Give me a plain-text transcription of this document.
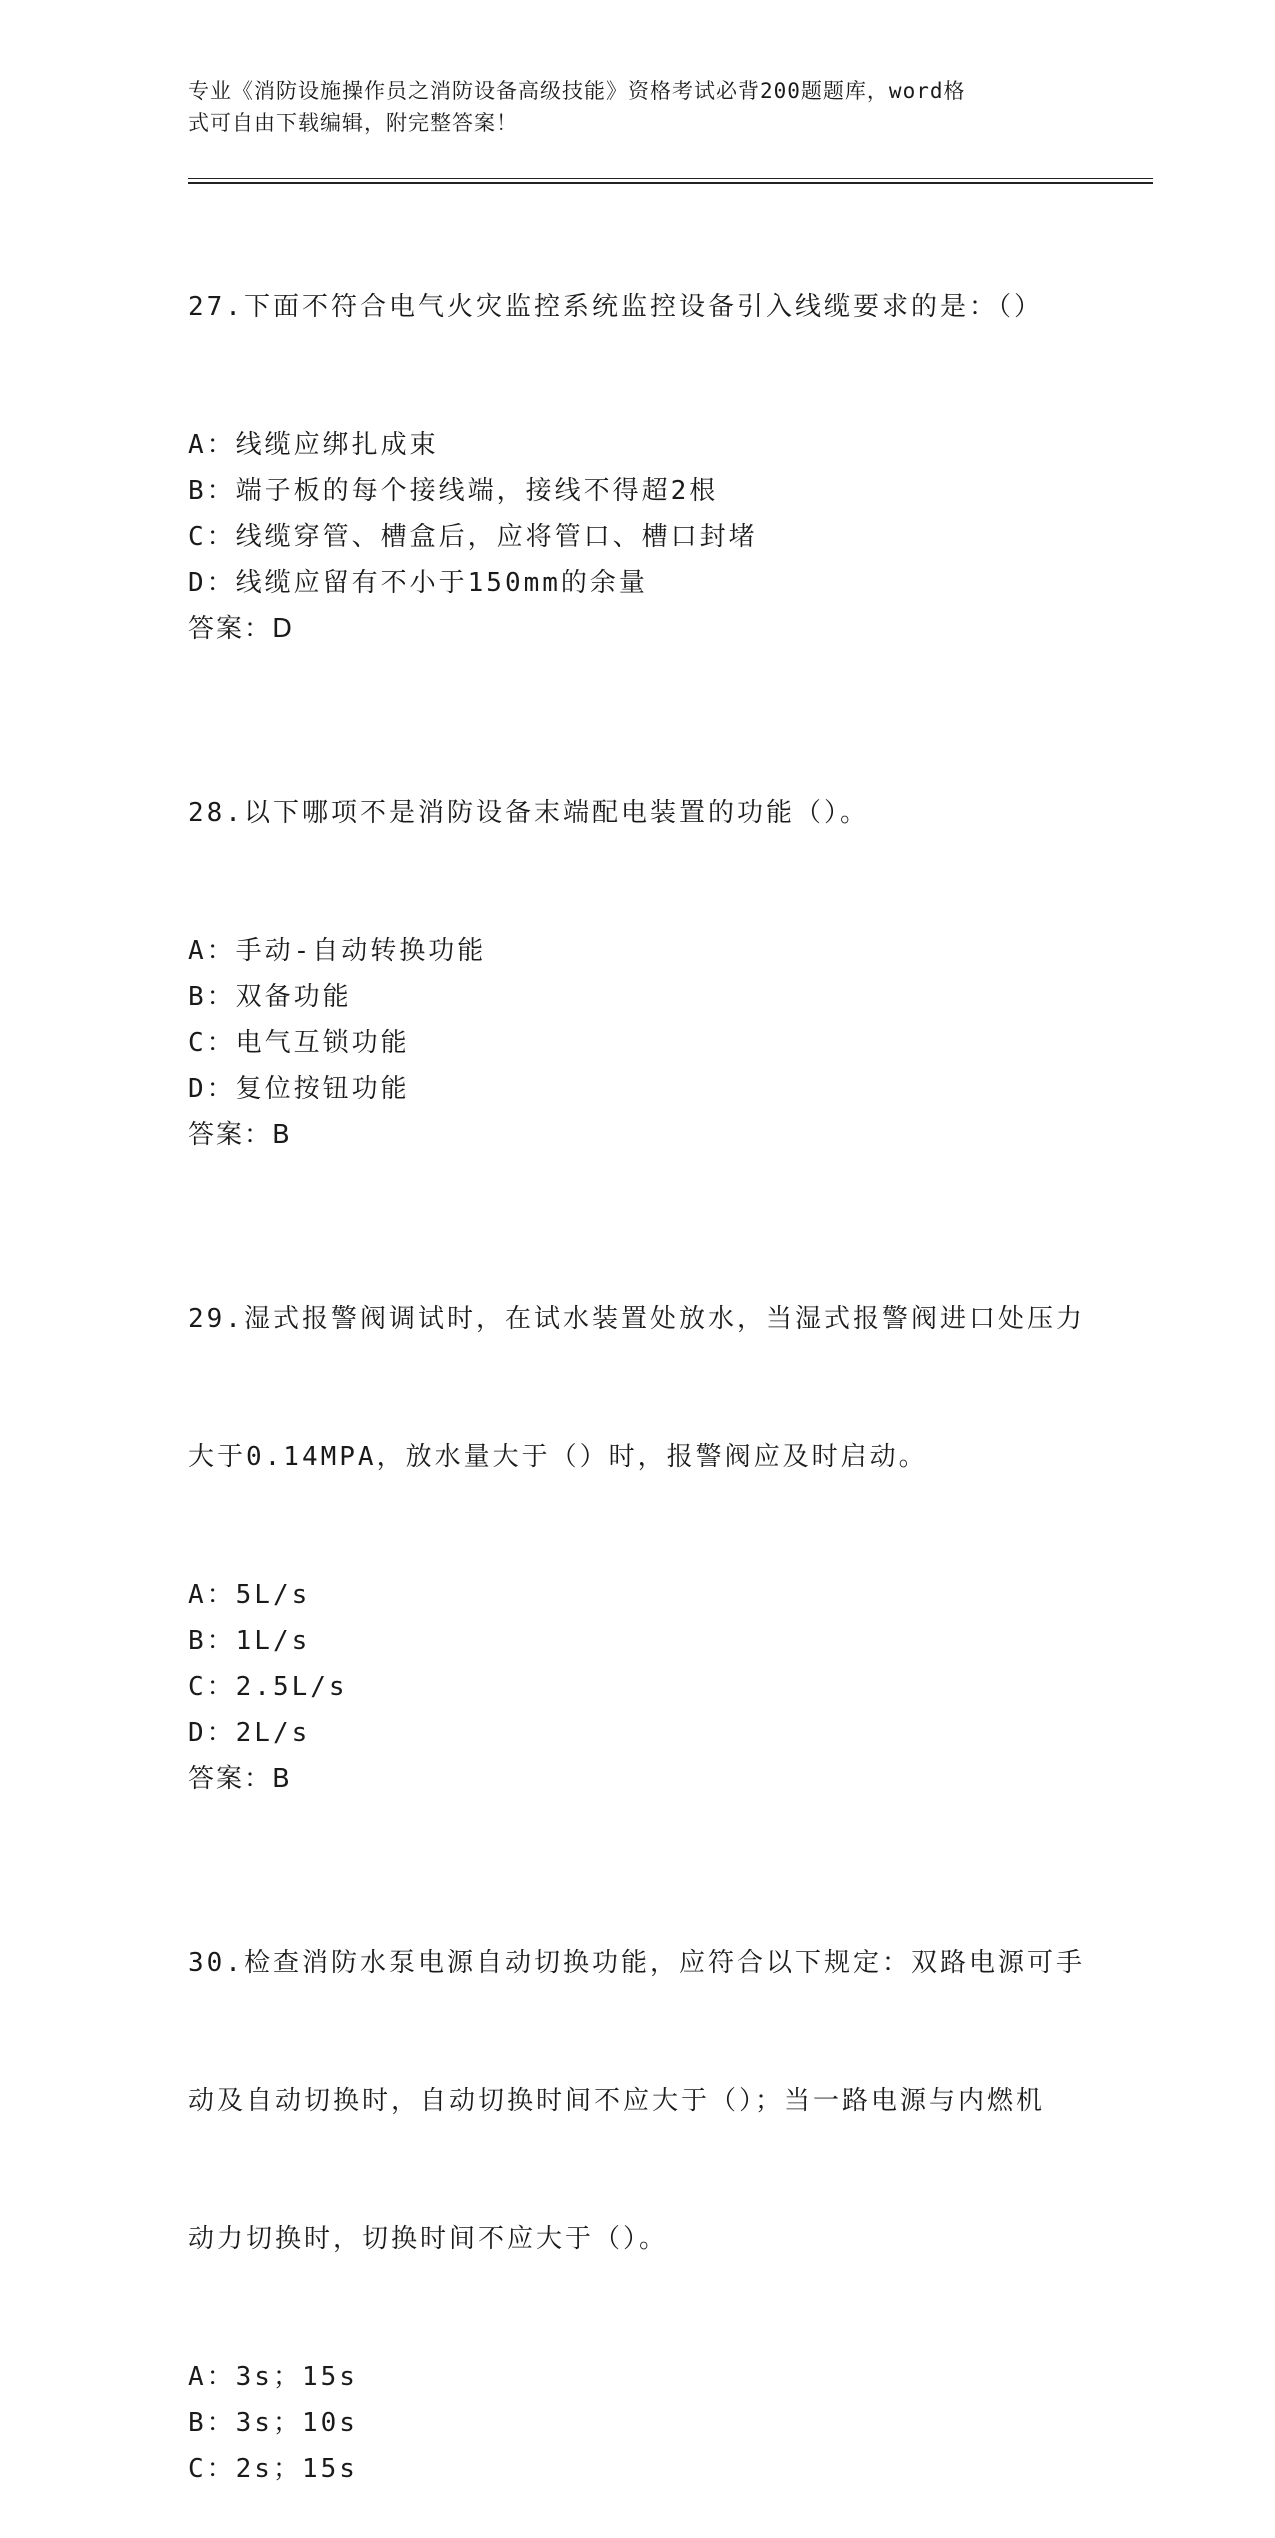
专业《消防设施操作员之消防设备高级技能》资格考试必背200题题库，word格
式可自由下载编辑，附完整答案！

27.下面不符合电气火灾监控系统监控设备引入线缆要求的是：（）

A：线缆应绑扎成束
B：端子板的每个接线端，接线不得超2根
C：线缆穿管、槽盒后，应将管口、槽口封堵
D：线缆应留有不小于150mm的余量
答案：D

28.以下哪项不是消防设备末端配电装置的功能（）。

A：手动-自动转换功能
B：双备功能
C：电气互锁功能
D：复位按钮功能
答案：B

29.湿式报警阀调试时，在试水装置处放水，当湿式报警阀进口处压力

大于0.14MPA，放水量大于（）时，报警阀应及时启动。

A：5L/s
B：1L/s
C：2.5L/s
D：2L/s
答案：B

30.检查消防水泵电源自动切换功能，应符合以下规定：双路电源可手

动及自动切换时，自动切换时间不应大于（）；当一路电源与内燃机

动力切换时，切换时间不应大于（）。

A：3s；15s
B：3s；10s
C：2s；15s
